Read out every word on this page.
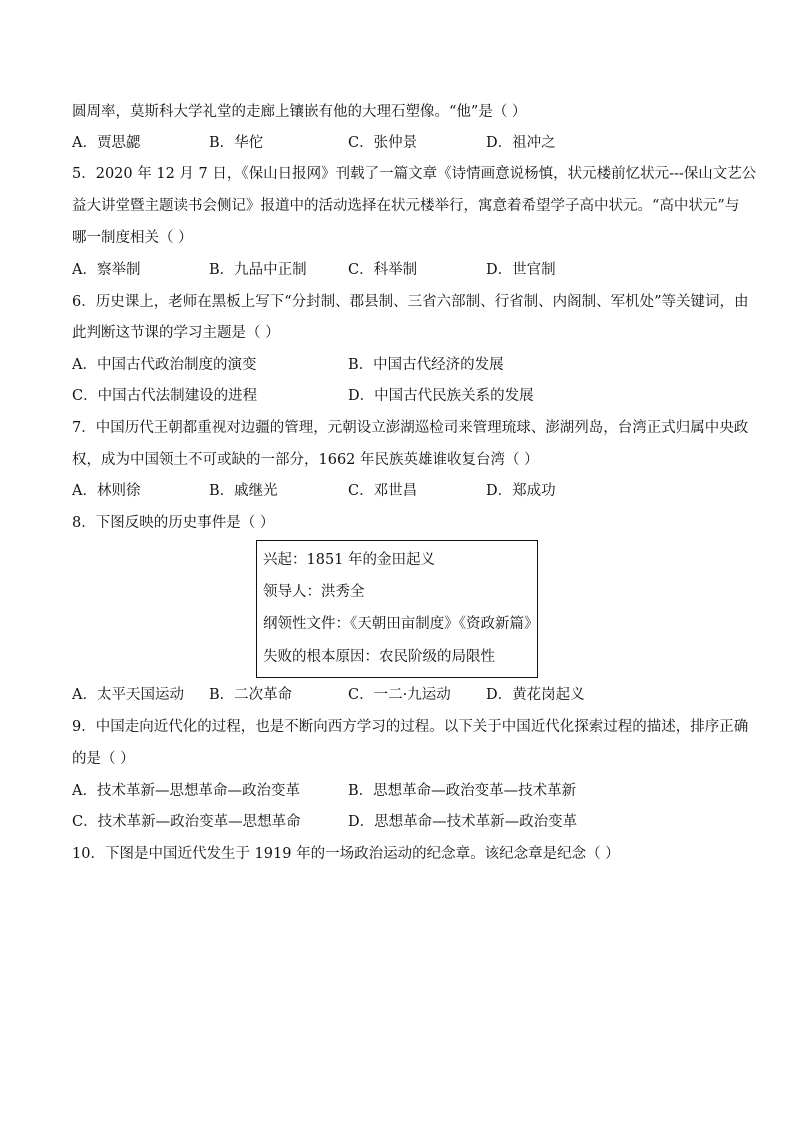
圆周率，莫斯科大学礼堂的走廊上镶嵌有他的大理石塑像。“他”是（ ）
A．贾思勰	B．华佗	C．张仲景	D．祖冲之
5．2020 年 12 月 7 日，《保山日报网》刊载了一篇文章《诗情画意说杨慎，状元楼前忆状元---保山文艺公
益大讲堂暨主题读书会侧记》报道中的活动选择在状元楼举行，寓意着希望学子高中状元。“高中状元”与
哪一制度相关（ ）
A．察举制	B．九品中正制	C．科举制	D．世官制
6．历史课上，老师在黑板上写下“分封制、郡县制、三省六部制、行省制、内阁制、军机处”等关键词，由
此判断这节课的学习主题是（ ）
A．中国古代政治制度的演变	B．中国古代经济的发展
C．中国古代法制建设的进程	D．中国古代民族关系的发展
7．中国历代王朝都重视对边疆的管理，元朝设立澎湖巡检司来管理琉球、澎湖列岛，台湾正式归属中央政
权，成为中国领土不可或缺的一部分，1662 年民族英雄谁收复台湾（ ）
A．林则徐	B．戚继光	C．邓世昌	D．郑成功
8．下图反映的历史事件是（ ）
兴起：1851 年的金田起义
领导人：洪秀全
纲领性文件：《天朝田亩制度》《资政新篇》
失败的根本原因：农民阶级的局限性
A．太平天国运动 B．二次革命	C．一二·九运动 D．黄花岗起义
9．中国走向近代化的过程，也是不断向西方学习的过程。以下关于中国近代化探索过程的描述，排序正确
的是（ ）
A．技术革新—思想革命—政治变革	B．思想革命—政治变革—技术革新
C．技术革新—政治变革—思想革命	D．思想革命—技术革新—政治变革
10．下图是中国近代发生于 1919 年的一场政治运动的纪念章。该纪念章是纪念（ ）
